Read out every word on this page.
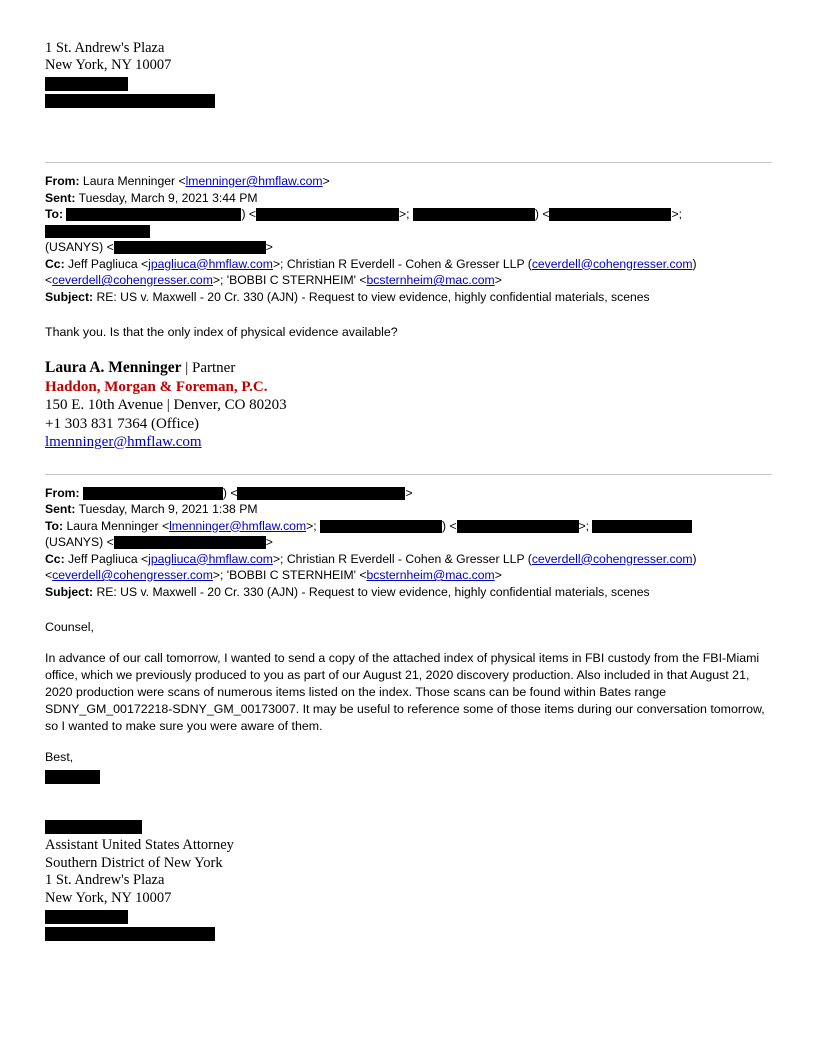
1 St. Andrew's Plaza
New York, NY 10007
From: Laura Menninger <lmenninger@hmflaw.com>
Sent: Tuesday, March 9, 2021 3:44 PM
To:	) <	>;	) <	>;
(USANYS) <	>
Cc: Jeff Pagliuca <jpagliuca@hmflaw.com>; Christian R Everdell - Cohen & Gresser LLP (ceverdell@cohengresser.com)
<ceverdell@cohengresser.com>; 'BOBBI C STERNHEIM' <bcsternheim@mac.com>
Subject: RE: US v. Maxwell - 20 Cr. 330 (AJN) - Request to view evidence, highly confidential materials, scenes
Thank you. Is that the only index of physical evidence available?
Laura A. Menninger | Partner
Haddon, Morgan & Foreman, P.C.
150 E. 10th Avenue | Denver, CO 80203
+1 303 831 7364 (Office)
lmenninger@hmflaw.com
From:	) <	>
Sent: Tuesday, March 9, 2021 1:38 PM
To: Laura Menninger <lmenninger@hmflaw.com>;	) <	>;
(USANYS) <	>
Cc: Jeff Pagliuca <jpagliuca@hmflaw.com>; Christian R Everdell - Cohen & Gresser LLP (ceverdell@cohengresser.com)
<ceverdell@cohengresser.com>; 'BOBBI C STERNHEIM' <bcsternheim@mac.com>
Subject: RE: US v. Maxwell - 20 Cr. 330 (AJN) - Request to view evidence, highly confidential materials, scenes
Counsel,
In advance of our call tomorrow, I wanted to send a copy of the attached index of physical items in FBI custody from the FBI-Miami office, which we previously produced to you as part of our August 21, 2020 discovery production. Also included in that August 21, 2020 production were scans of numerous items listed on the index. Those scans can be found within Bates range SDNY_GM_00172218-SDNY_GM_00173007. It may be useful to reference some of those items during our conversation tomorrow, so I wanted to make sure you were aware of them.
Best,
Assistant United States Attorney
Southern District of New York
1 St. Andrew's Plaza
New York, NY 10007
